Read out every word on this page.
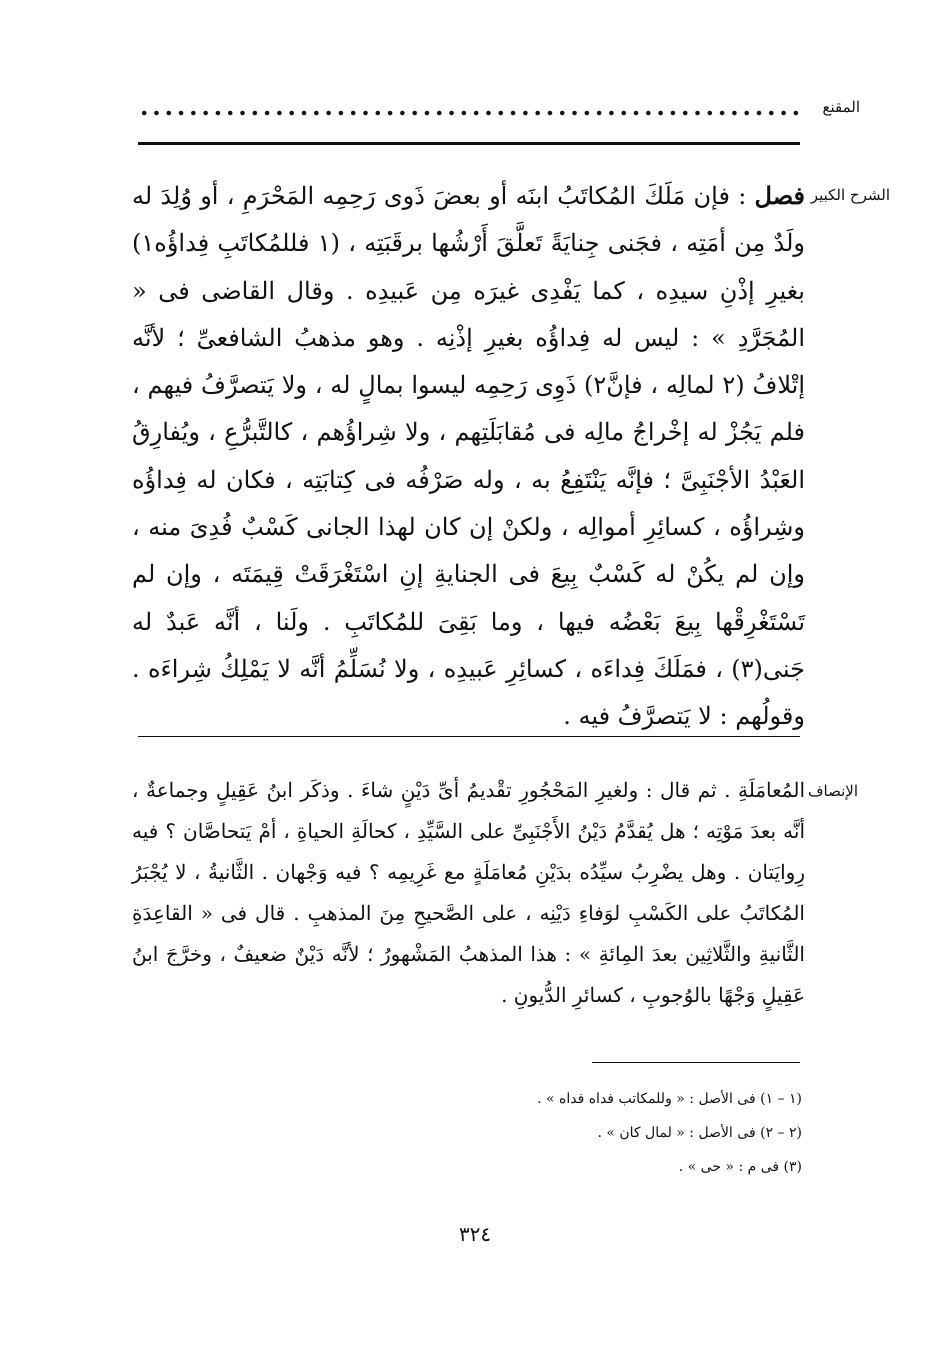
المقنع
الشرح الكبير
فصل : فإن مَلَكَ المُكاتَبُ ابنَه أو بعضَ ذَوى رَحِمِه المَحْرَمِ ، أو وُلِدَ له ولَدٌ مِن أمَتِه ، فجَنى جِنايَةً تَعلَّقَ أَرْشُها برقَبَتِه ، (١ فللمُكاتَبِ فِداؤُه١) بغيرِ إذْنِ سيدِه ، كما يَفْدِى غيرَه مِن عَبيدِه . وقال القاضى فى « المُجَرَّدِ » : ليس له فِداؤُه بغيرِ إذْنِه . وهو مذهبُ الشافعىِّ ؛ لأنَّه إتْلافُ (٢ لمالِه ، فإنَّ٢) ذَوِى رَحِمِه ليسوا بمالٍ له ، ولا يَتصرَّفُ فيهم ، فلم يَجُزْ له إخْراجُ مالِه فى مُقابَلَتِهم ، ولا شِراؤُهم ، كالتَّبرُّعِ ، ويُفارِقُ العَبْدُ الأجْنَبِىَّ ؛ فإنَّه يَنْتَفِعُ به ، وله صَرْفُه فى كِتابَتِه ، فكان له فِداؤُه وشِراؤُه ، كسائِرِ أموالِه ، ولكنْ إن كان لهذا الجانى كَسْبٌ فُدِىَ منه ، وإن لم يكُنْ له كَسْبٌ بِيعَ فى الجنايةِ إنِ اسْتَغْرَقَتْ قِيمَتَه ، وإن لم تَسْتَغْرِقْها بِيعَ بَعْضُه فيها ، وما بَقِىَ للمُكاتَبِ . ولَنا ، أنَّه عَبدٌ له جَنى(٣) ، فمَلَكَ فِداءَه ، كسائِرِ عَبيدِه ، ولا نُسَلِّمُ أنَّه لا يَمْلِكُ شِراءَه . وقولُهم : لا يَتصرَّفُ فيه .
الإنصاف
المُعامَلَةِ . ثم قال : ولغيرِ المَحْجُورِ تقْديمُ أىِّ دَيْنٍ شاءَ . وذكَر ابنُ عَقِيلٍ وجماعةٌ ، أنَّه بعدَ مَوْتِه ؛ هل يُقدَّمُ دَيْنُ الأَجْنَبِىِّ على السَّيِّدِ ، كحالَةِ الحياةِ ، أمْ يَتحاصَّان ؟ فيه رِوايَتان . وهل يضْرِبُ سيِّدُه بدَيْنِ مُعامَلَةٍ مع غَرِيمِه ؟ فيه وَجْهان . الثَّانيةُ ، لا يُجْبَرُ المُكاتَبُ على الكَسْبِ لوَفاءِ دَيْنِه ، على الصَّحيحِ مِنَ المذهبِ . قال فى « القاعِدَةِ الثَّانيةِ والثَّلاثِين بعدَ المِائةِ » : هذا المذهبُ المَشْهورُ ؛ لأنَّه دَيْنٌ ضعيفٌ ، وخرَّجَ ابنُ عَقِيلٍ وَجْهًا بالوُجوبِ ، كسائرِ الدُّيونِ .

(١ – ١) فى الأصل : « وللمكاتب فداه فداه » .

(٢ – ٢) فى الأصل : « لمال كان » .

(٣) فى م : « حى » .

٣٢٤
